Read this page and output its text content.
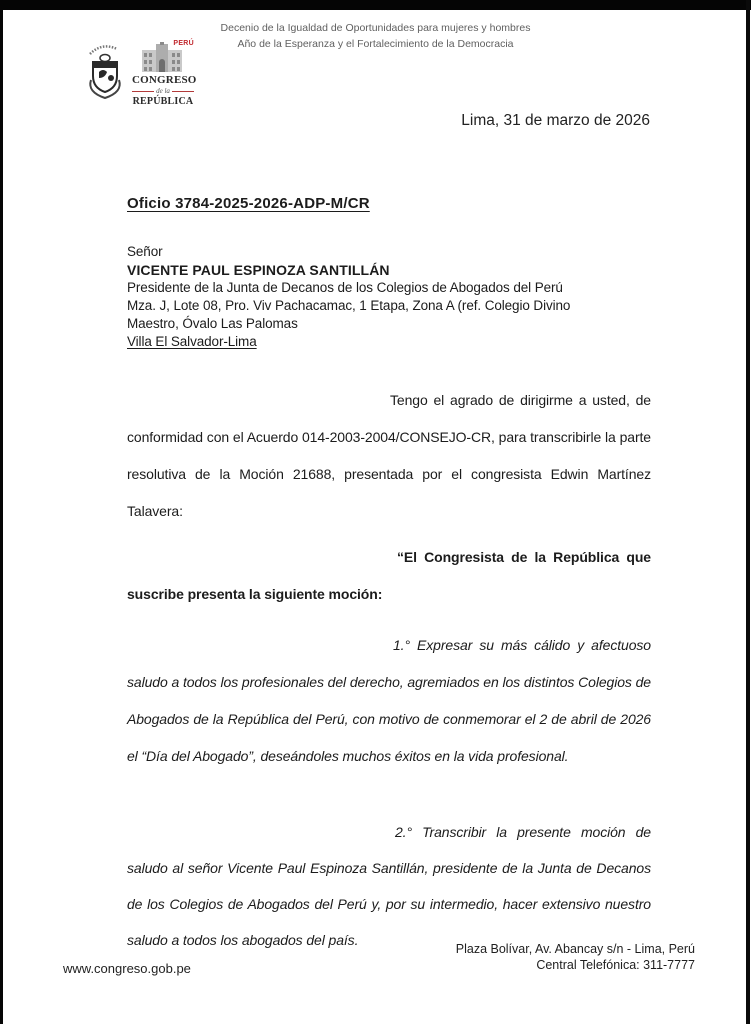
PERÚ
CONGRESO
de la
REPÚBLICA
Decenio de la Igualdad de Oportunidades para mujeres y hombres
Año de la Esperanza y el Fortalecimiento de la Democracia
Lima, 31 de marzo de 2026
Oficio 3784-2025-2026-ADP-M/CR
Señor
VICENTE PAUL ESPINOZA SANTILLÁN
Presidente de la Junta de Decanos de los Colegios de Abogados del Perú
Mza. J, Lote 08, Pro. Viv Pachacamac, 1 Etapa, Zona A (ref. Colegio Divino
Maestro, Óvalo Las Palomas
Villa El Salvador-Lima

Tengo el agrado de dirigirme a usted, de conformidad con el Acuerdo 014-2003-2004/CONSEJO-CR, para transcribirle la parte resolutiva de la Moción 21688, presentada por el congresista Edwin Martínez Talavera:

“El Congresista de la República que suscribe presenta la siguiente moción:

1.° Expresar su más cálido y afectuoso saludo a todos los profesionales del derecho, agremiados en los distintos Colegios de Abogados de la República del Perú, con motivo de conmemorar el 2 de abril de 2026 el “Día del Abogado”, deseándoles muchos éxitos en la vida profesional.

2.° Transcribir la presente moción de saludo al señor Vicente Paul Espinoza Santillán, presidente de la Junta de Decanos de los Colegios de Abogados del Perú y, por su intermedio, hacer extensivo nuestro saludo a todos los abogados del país.

www.congreso.gob.pe
Plaza Bolívar, Av. Abancay s/n - Lima, Perú
Central Telefónica: 311-7777
